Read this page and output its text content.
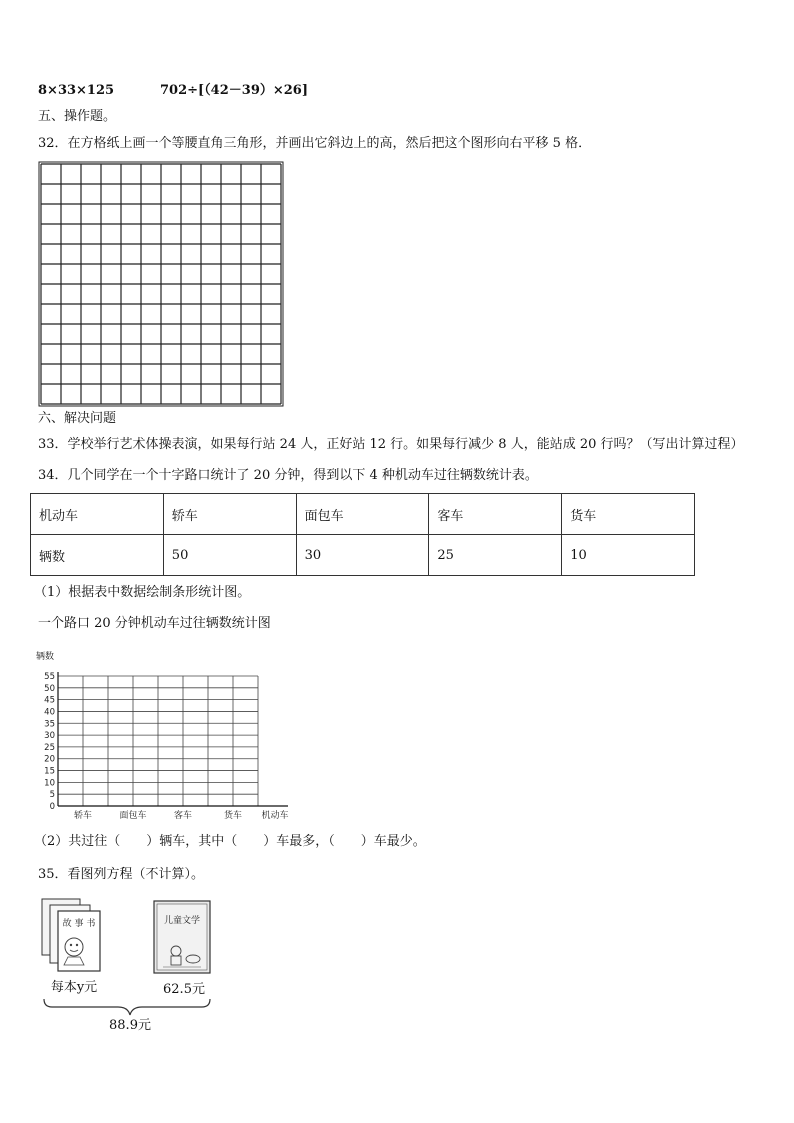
8×33×125	702÷[（42－39）×26]
五、操作题。
32．在方格纸上画一个等腰直角三角形，并画出它斜边上的高，然后把这个图形向右平移 5 格．
六、解决问题
33．学校举行艺术体操表演，如果每行站 24 人，正好站 12 行。如果每行减少 8 人，能站成 20 行吗？（写出计算过程）
34．几个同学在一个十字路口统计了 20 分钟，得到以下 4 种机动车过往辆数统计表。
机动车	轿车	面包车	客车	货车
辆数	50	30	25	10
（1）根据表中数据绘制条形统计图。
一个路口 20 分钟机动车过往辆数统计图
辆数
0
5
10
15
20
25
30
35
40
45
50
55
轿车	面包车	客车	货车 机动车
（2）共过往（　　）辆车，其中（　　）车最多，（　　）车最少。
35．看图列方程（不计算）。
故 事 书	儿童文学
每本y元	62.5元
88.9元
